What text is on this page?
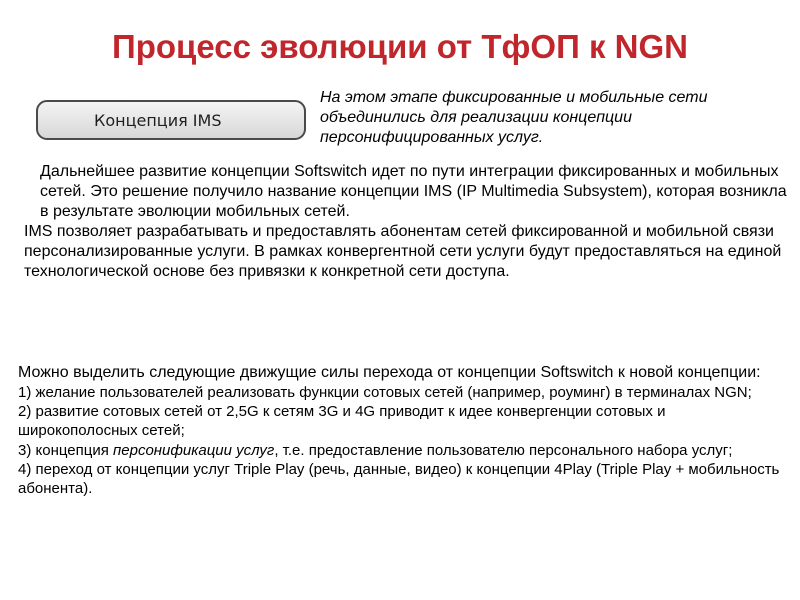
Процесс эволюции от ТфОП к NGN
Концепция IMS
На этом этапе фиксированные и мобильные сети объединились для реализации концепции персонифицированных услуг.
Дальнейшее развитие концепции Softswitch идет по пути интеграции фиксированных и мобильных сетей. Это решение получило название концепции IMS (IP Multimedia Subsystem), которая возникла в результате эволюции мобильных сетей.
IMS позволяет разрабатывать и предоставлять абонентам сетей фиксированной и мобильной связи персонализированные услуги. В рамках конвергентной сети услуги будут предоставляться на единой технологической основе без привязки к конкретной сети доступа.
Можно выделить следующие движущие силы перехода от концепции Softswitch к новой концепции:
1) желание пользователей реализовать функции сотовых сетей (например, роуминг) в терминалах NGN;
2) развитие сотовых сетей от 2,5G к сетям 3G и 4G приводит к идее конвергенции сотовых и широкополосных сетей;
3) концепция персонификации услуг, т.е. предоставление пользователю персонального набора услуг;
4) переход от концепции услуг Triple Play (речь, данные, видео) к концепции 4Play (Triple Play + мобильность абонента).
